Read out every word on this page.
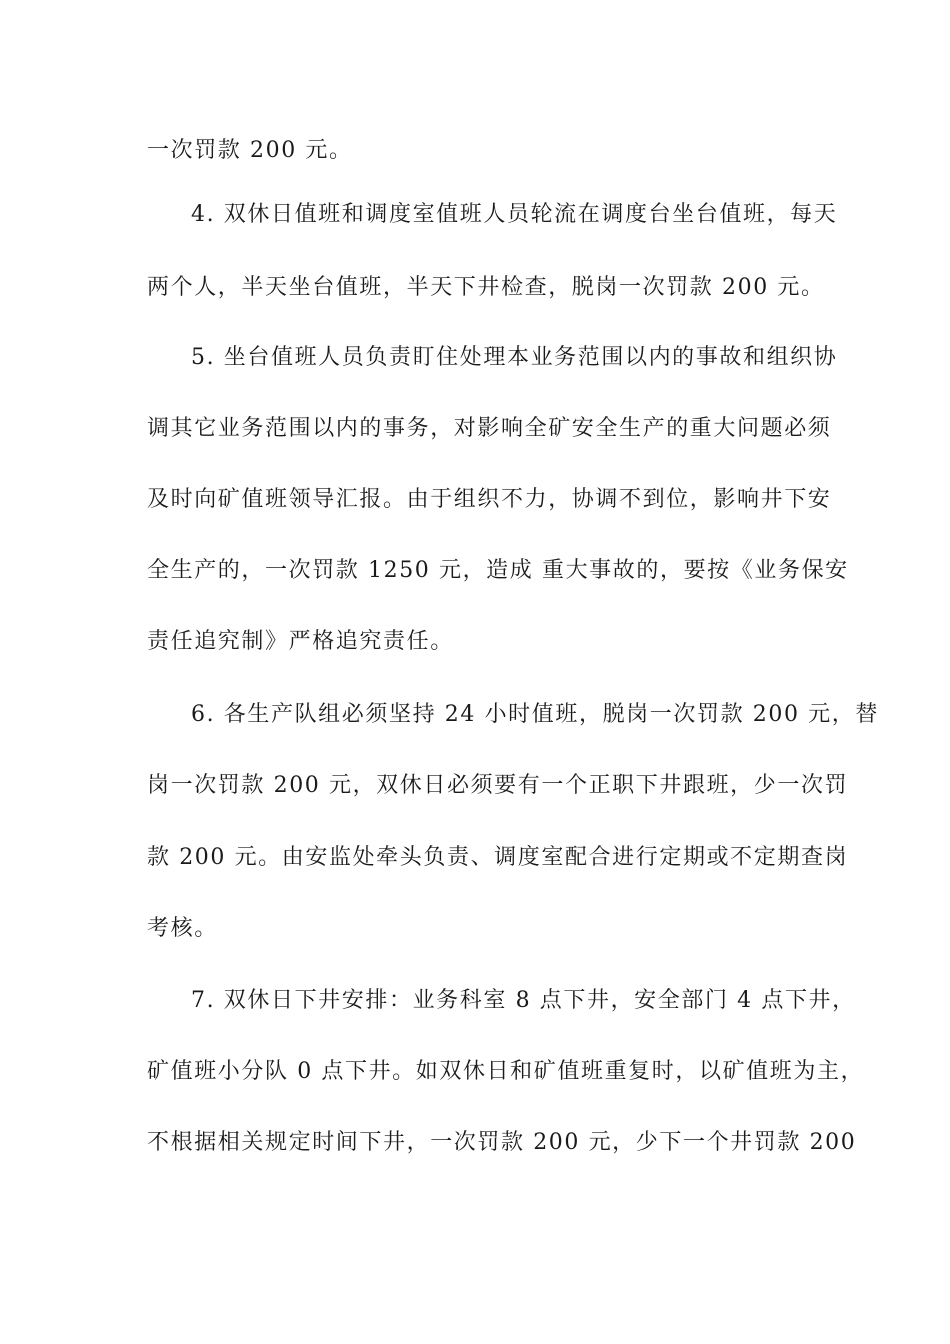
一次罚款 200 元。
4. 双休日值班和调度室值班人员轮流在调度台坐台值班，每天
两个人，半天坐台值班，半天下井检查，脱岗一次罚款 200 元。
5. 坐台值班人员负责盯住处理本业务范围以内的事故和组织协
调其它业务范围以内的事务，对影响全矿安全生产的重大问题必须
及时向矿值班领导汇报。由于组织不力，协调不到位，影响井下安
全生产的，一次罚款 1250 元，造成 重大事故的，要按《业务保安
责任追究制》严格追究责任。
6. 各生产队组必须坚持 24 小时值班，脱岗一次罚款 200 元，替
岗一次罚款 200 元，双休日必须要有一个正职下井跟班，少一次罚
款 200 元。由安监处牵头负责、调度室配合进行定期或不定期查岗
考核。
7. 双休日下井安排：业务科室 8 点下井，安全部门 4 点下井，
矿值班小分队 0 点下井。如双休日和矿值班重复时，以矿值班为主，
不根据相关规定时间下井，一次罚款 200 元，少下一个井罚款 200
